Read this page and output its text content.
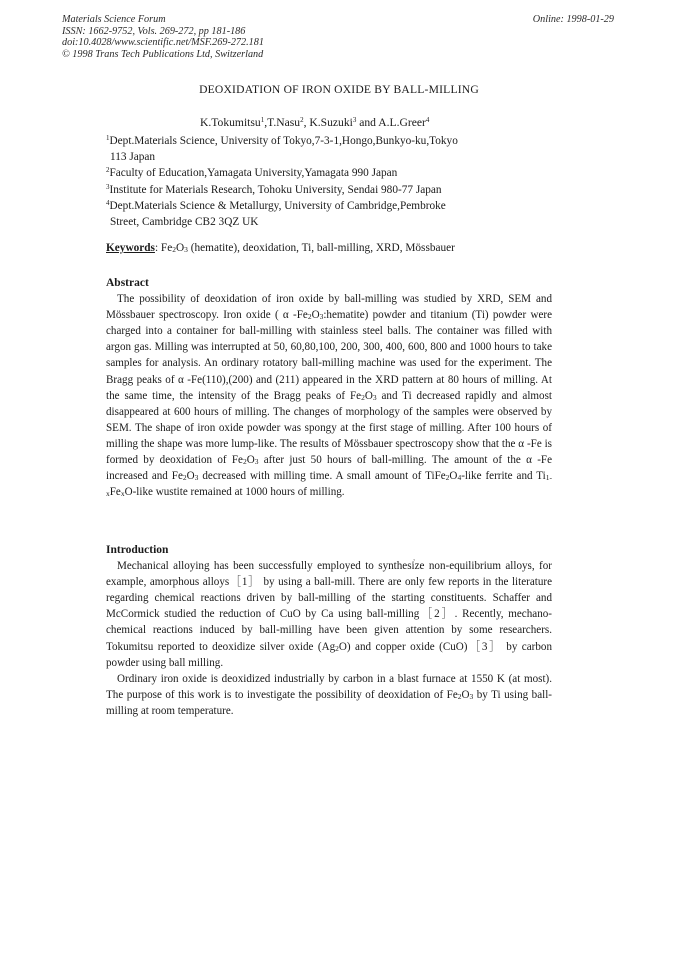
Materials Science Forum
ISSN: 1662-9752, Vols. 269-272, pp 181-186
doi:10.4028/www.scientific.net/MSF.269-272.181
© 1998 Trans Tech Publications Ltd, Switzerland
Online: 1998-01-29
DEOXIDATION OF IRON OXIDE BY BALL-MILLING
K.Tokumitsu$^1$,T.Nasu$^2$, K.Suzuki$^3$ and A.L.Greer$^4$
$^1$Dept.Materials Science, University of Tokyo,7-3-1,Hongo,Bunkyo-ku,Tokyo
113 Japan
$^2$Faculty of Education,Yamagata University,Yamagata 990 Japan
$^3$Institute for Materials Research, Tohoku University, Sendai 980-77 Japan
$^4$Dept.Materials Science & Metallurgy, University of Cambridge,Pembroke
Street, Cambridge CB2 3QZ UK
Keywords: $Fe_2O_3$ (hematite), deoxidation, Ti, ball-milling, XRD, Mössbauer
Abstract
The possibility of deoxidation of iron oxide by ball-milling was studied by XRD, SEM and Mössbauer spectroscopy. Iron oxide ( α $-Fe_2O_3:hematite$) powder and titanium (Ti) powder were charged into a container for ball-milling with stainless steel balls. The container was filled with argon gas. Milling was interrupted at 50, 60,80,100, 200, 300, 400, 600, 800 and 1000 hours to take samples for analysis. An ordinary rotatory ball-milling machine was used for the experiment. The Bragg peaks of α -Fe(110),(200) and (211) appeared in the XRD pattern at 80 hours of milling. At the same time, the intensity of the Bragg peaks of $Fe_2O_3$ and Ti decreased rapidly and almost disappeared at 600 hours of milling. The changes of morphology of the samples were observed by SEM. The shape of iron oxide powder was spongy at the first stage of milling. After 100 hours of milling the shape was more lump-like. The results of Mössbauer spectroscopy show that the α -Fe is formed by deoxidation of $Fe_2O_3$ after just 50 hours of ball-milling. The amount of the α -Fe increased and $Fe_2O_3$ decreased with milling time. A small amount of $TiFe_2O_4$-like ferrite and $Ti_{1-x}Fe_xO$-like wustite remained at 1000 hours of milling.
,
Introduction
Mechanical alloying has been successfully employed to synthesize non-equilibrium alloys, for example, amorphous alloys［1］ by using a ball-mill. There are only few reports in the literature regarding chemical reactions driven by ball-milling of the starting constituents. Schaffer and McCormick studied the reduction of CuO by Ca using ball-milling［2］. Recently, mechano-chemical reactions induced by ball-milling have been given attention by some researchers. Tokumitsu reported to deoxidize silver oxide $(Ag_2O)$ and copper oxide (CuO)［3］ by carbon powder using ball milling.
Ordinary iron oxide is deoxidized industrially by carbon in a blast furnace at 1550 K (at most). The purpose of this work is to investigate the possibility of deoxidation of $Fe_2O_3$ by Ti using ball-milling at room temperature.
